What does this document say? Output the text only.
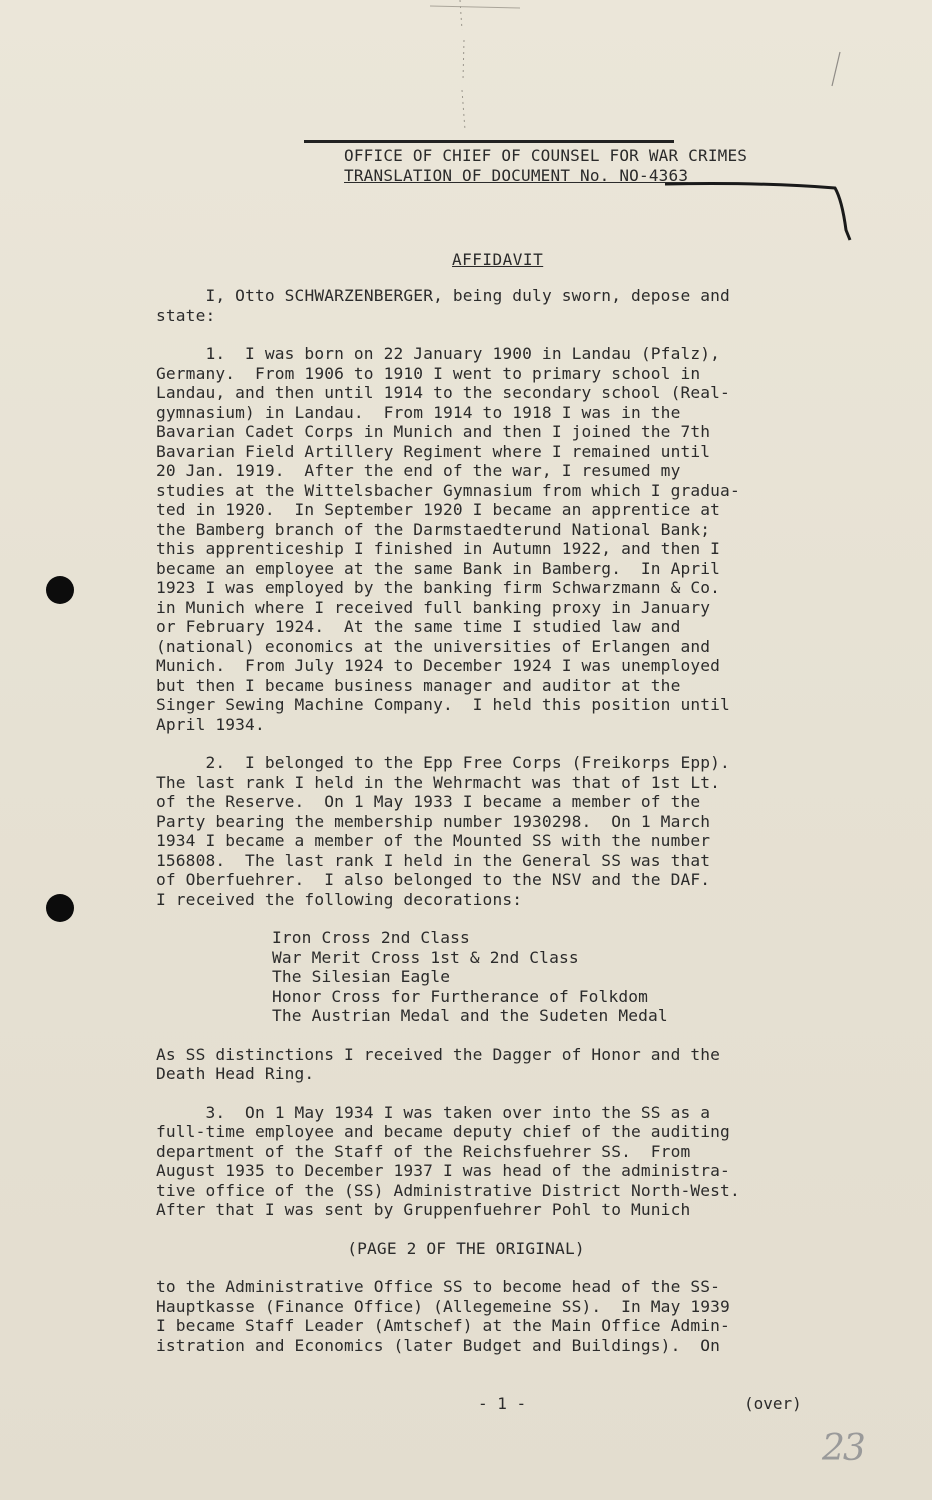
OFFICE OF CHIEF OF COUNSEL FOR WAR CRIMES
TRANSLATION OF DOCUMENT No. NO-4363
AFFIDAVIT
I, Otto SCHWARZENBERGER, being duly sworn, depose and
state:
1.  I was born on 22 January 1900 in Landau (Pfalz),
Germany.  From 1906 to 1910 I went to primary school in
Landau, and then until 1914 to the secondary school (Real-
gymnasium) in Landau.  From 1914 to 1918 I was in the
Bavarian Cadet Corps in Munich and then I joined the 7th
Bavarian Field Artillery Regiment where I remained until
20 Jan. 1919.  After the end of the war, I resumed my
studies at the Wittelsbacher Gymnasium from which I gradua-
ted in 1920.  In September 1920 I became an apprentice at
the Bamberg branch of the Darmstaedterund National Bank;
this apprenticeship I finished in Autumn 1922, and then I
became an employee at the same Bank in Bamberg.  In April
1923 I was employed by the banking firm Schwarzmann & Co.
in Munich where I received full banking proxy in January
or February 1924.  At the same time I studied law and
(national) economics at the universities of Erlangen and
Munich.  From July 1924 to December 1924 I was unemployed
but then I became business manager and auditor at the
Singer Sewing Machine Company.  I held this position until
April 1934.
2.  I belonged to the Epp Free Corps (Freikorps Epp).
The last rank I held in the Wehrmacht was that of 1st Lt.
of the Reserve.  On 1 May 1933 I became a member of the
Party bearing the membership number 1930298.  On 1 March
1934 I became a member of the Mounted SS with the number
156808.  The last rank I held in the General SS was that
of Oberfuehrer.  I also belonged to the NSV and the DAF.
I received the following decorations:
Iron Cross 2nd Class
War Merit Cross 1st & 2nd Class
The Silesian Eagle
Honor Cross for Furtherance of Folkdom
The Austrian Medal and the Sudeten Medal
As SS distinctions I received the Dagger of Honor and the
Death Head Ring.
3.  On 1 May 1934 I was taken over into the SS as a
full-time employee and became deputy chief of the auditing
department of the Staff of the Reichsfuehrer SS.  From
August 1935 to December 1937 I was head of the administra-
tive office of the (SS) Administrative District North-West.
After that I was sent by Gruppenfuehrer Pohl to Munich
(PAGE 2 OF THE ORIGINAL)
to the Administrative Office SS to become head of the SS-
Hauptkasse (Finance Office) (Allegemeine SS).  In May 1939
I became Staff Leader (Amtschef) at the Main Office Admin-
istration and Economics (later Budget and Buildings).  On
- 1 -	(over)
23
